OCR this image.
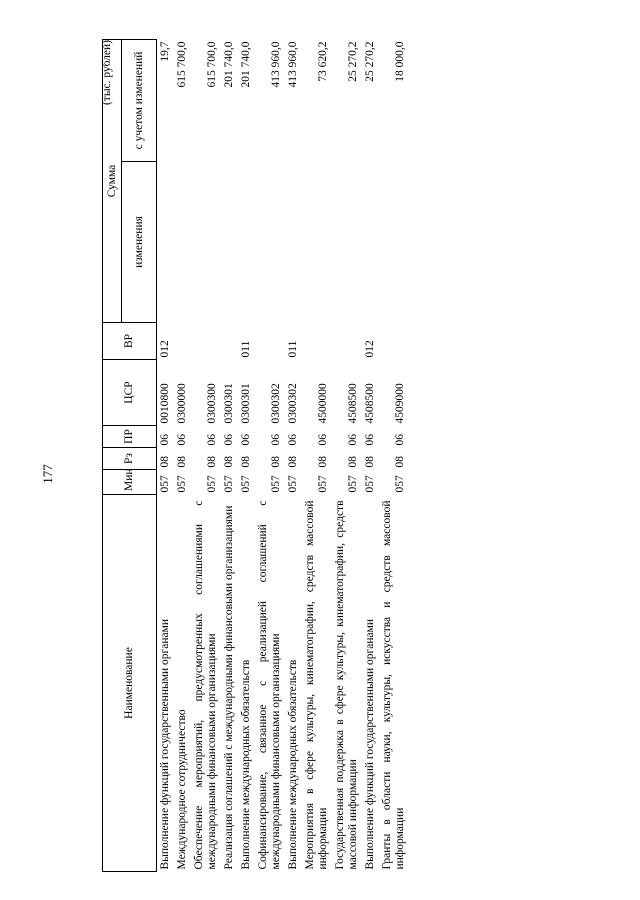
177
(тыс. рублей)
Наименование	Мин	Рз	ПР	ЦСР	ВР	Сумма	
						изменения	с учетом изменений
Выполнение функций государственными органами	057	08	06	0010800	012		19,7
Международное сотрудничество	057	08	06	0300000			615 700,0
Обеспечение мероприятий, предусмотренных соглашениями с международными финансовыми организациями	057	08	06	0300300			615 700,0
Реализация соглашений с международными финансовыми организациями	057	08	06	0300301			201 740,0
Выполнение международных обязательств	057	08	06	0300301	011		201 740,0
Софинансирование, связанное с реализацией соглашений с международными финансовыми организациями	057	08	06	0300302			413 960,0
Выполнение международных обязательств	057	08	06	0300302	011		413 960,0
Мероприятия в сфере культуры, кинематографии, средств массовой информации	057	08	06	4500000			73 620,2
Государственная поддержка в сфере культуры, кинематографии, средств массовой информации	057	08	06	4508500			25 270,2
Выполнение функций государственными органами	057	08	06	4508500	012		25 270,2
Гранты в области науки, культуры, искусства и средств массовой информации	057	08	06	4509000			18 000,0
